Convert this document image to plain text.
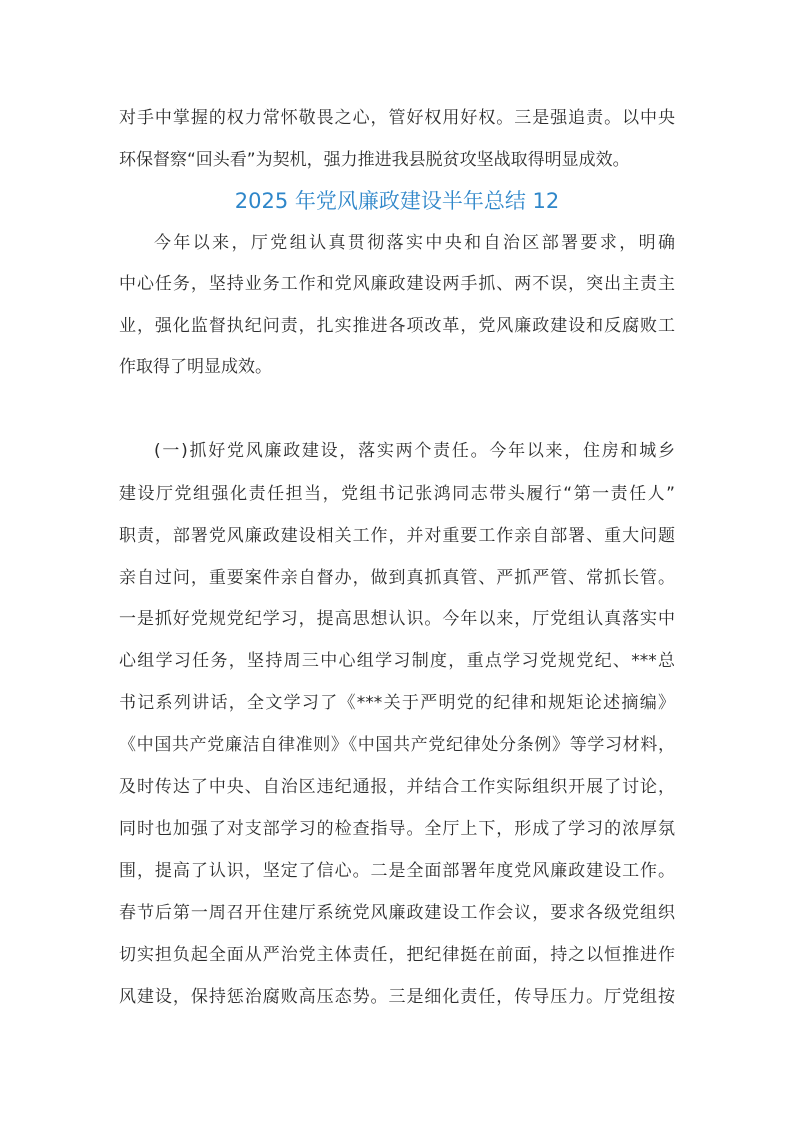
对手中掌握的权力常怀敬畏之心，管好权用好权。三是强追责。以中央
环保督察“回头看”为契机，强力推进我县脱贫攻坚战取得明显成效。
2025 年党风廉政建设半年总结 12
今年以来，厅党组认真贯彻落实中央和自治区部署要求，明确
中心任务，坚持业务工作和党风廉政建设两手抓、两不误，突出主责主
业，强化监督执纪问责，扎实推进各项改革，党风廉政建设和反腐败工
作取得了明显成效。
(一)抓好党风廉政建设，落实两个责任。今年以来，住房和城乡
建设厅党组强化责任担当，党组书记张鸿同志带头履行“第一责任人”
职责，部署党风廉政建设相关工作，并对重要工作亲自部署、重大问题
亲自过问，重要案件亲自督办，做到真抓真管、严抓严管、常抓长管。
一是抓好党规党纪学习，提高思想认识。今年以来，厅党组认真落实中
心组学习任务，坚持周三中心组学习制度，重点学习党规党纪、***总
书记系列讲话，全文学习了《***关于严明党的纪律和规矩论述摘编》
《中国共产党廉洁自律准则》《中国共产党纪律处分条例》等学习材料，
及时传达了中央、自治区违纪通报，并结合工作实际组织开展了讨论，
同时也加强了对支部学习的检查指导。全厅上下，形成了学习的浓厚氛
围，提高了认识，坚定了信心。二是全面部署年度党风廉政建设工作。
春节后第一周召开住建厅系统党风廉政建设工作会议，要求各级党组织
切实担负起全面从严治党主体责任，把纪律挺在前面，持之以恒推进作
风建设，保持惩治腐败高压态势。三是细化责任，传导压力。厅党组按
